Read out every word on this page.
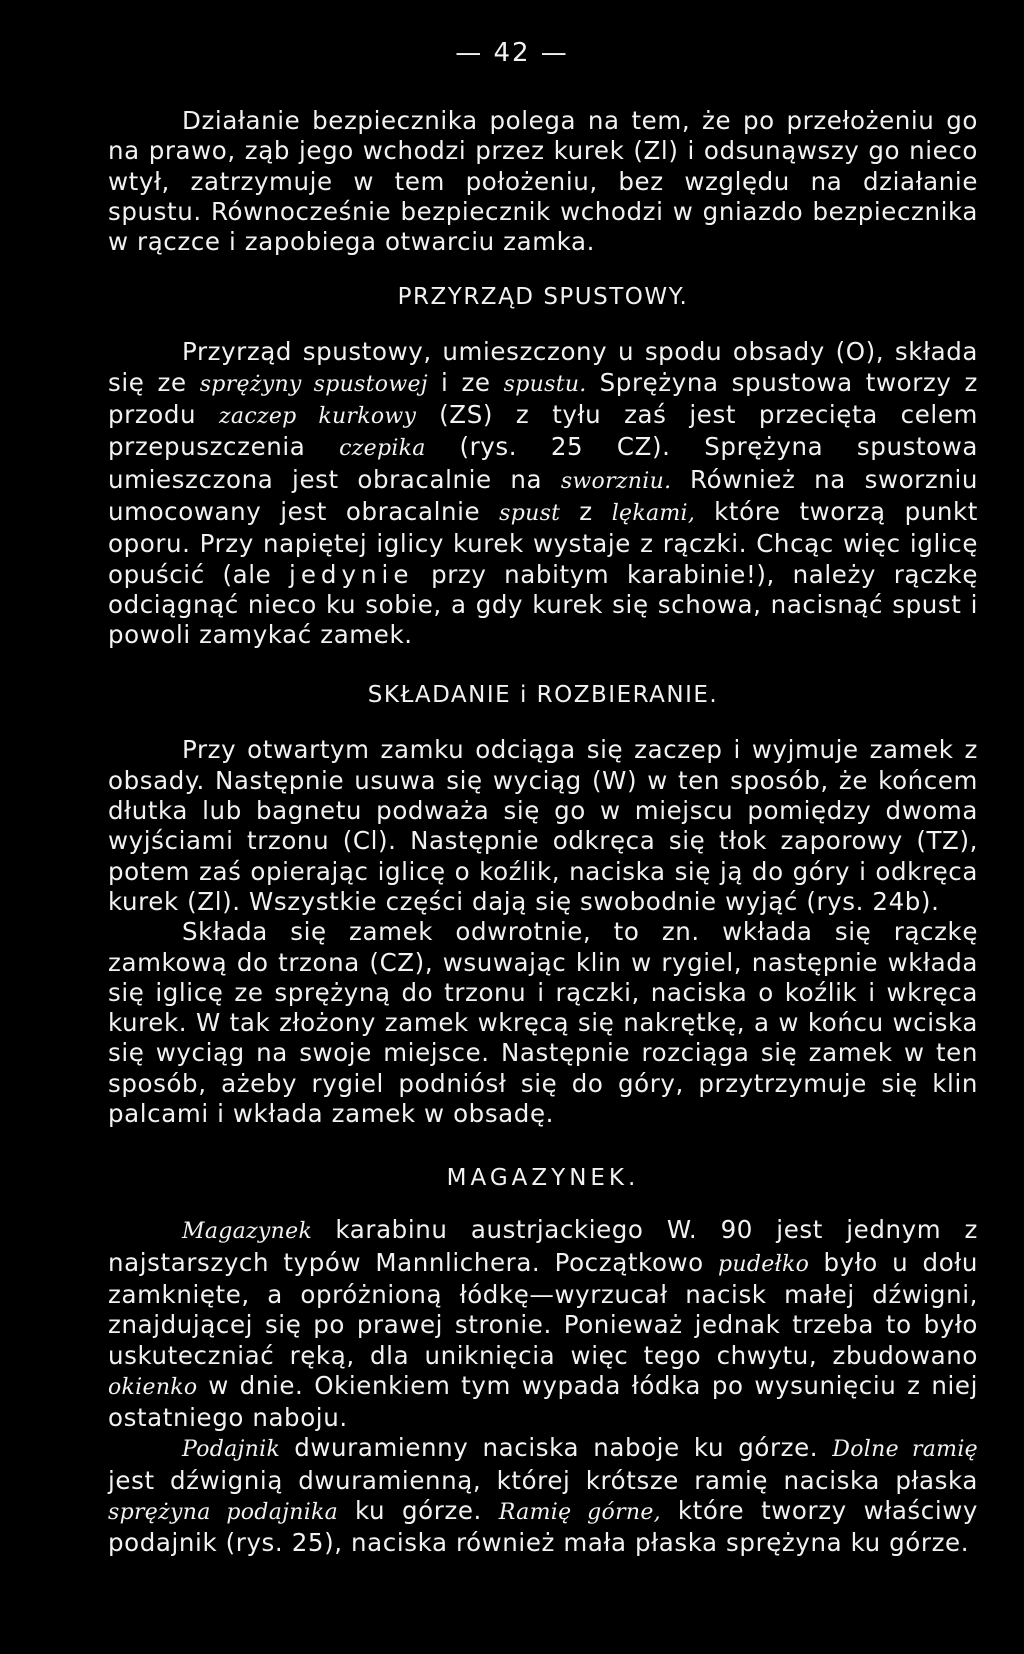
— 42 —

Działanie bezpiecznika polega na tem, że po przełożeniu go na prawo, ząb jego wchodzi przez kurek (Zl) i odsunąwszy go nieco wtył, zatrzymuje w tem położeniu, bez względu na działanie spustu. Równocześnie bezpiecznik wchodzi w gniazdo bezpiecznika w rączce i zapobiega otwarciu zamka.

PRZYRZĄD SPUSTOWY.

Przyrząd spustowy, umieszczony u spodu obsady (O), składa się ze sprężyny spustowej i ze spustu. Sprężyna spustowa tworzy z przodu zaczep kurkowy (ZS) z tyłu zaś jest przecięta celem przepuszczenia czepika (rys. 25 CZ). Sprężyna spustowa umieszczona jest obracalnie na sworzniu. Również na sworzniu umocowany jest obracalnie spust z lękami, które tworzą punkt oporu. Przy napiętej iglicy kurek wystaje z rączki. Chcąc więc iglicę opuścić (ale jedynie przy nabitym karabinie!), należy rączkę odciągnąć nieco ku sobie, a gdy kurek się schowa, nacisnąć spust i powoli zamykać zamek.

SKŁADANIE i ROZBIERANIE.

Przy otwartym zamku odciąga się zaczep i wyjmuje zamek z obsady. Następnie usuwa się wyciąg (W) w ten sposób, że końcem dłutka lub bagnetu podważa się go w miejscu pomiędzy dwoma wyjściami trzonu (Cl). Następnie odkręca się tłok zaporowy (TZ), potem zaś opierając iglicę o koźlik, naciska się ją do góry i odkręca kurek (Zl). Wszystkie części dają się swobodnie wyjąć (rys. 24b).

Składa się zamek odwrotnie, to zn. wkłada się rączkę zamkową do trzona (CZ), wsuwając klin w rygiel, następnie wkłada się iglicę ze sprężyną do trzonu i rączki, naciska o koźlik i wkręca kurek. W tak złożony zamek wkręcą się nakrętkę, a w końcu wciska się wyciąg na swoje miejsce. Następnie rozciąga się zamek w ten sposób, ażeby rygiel podniósł się do góry, przytrzymuje się klin palcami i wkłada zamek w obsadę.

MAGAZYNEK.

Magazynek karabinu austrjackiego W. 90 jest jednym z najstarszych typów Mannlichera. Początkowo pudełko było u dołu zamknięte, a opróżnioną łódkę—wyrzucał nacisk małej dźwigni, znajdującej się po prawej stronie. Ponieważ jednak trzeba to było uskuteczniać ręką, dla uniknięcia więc tego chwytu, zbudowano okienko w dnie. Okienkiem tym wypada łódka po wysunięciu z niej ostatniego naboju.

Podajnik dwuramienny naciska naboje ku górze. Dolne ramię jest dźwignią dwuramienną, której krótsze ramię naciska płaska sprężyna podajnika ku górze. Ramię górne, które tworzy właściwy podajnik (rys. 25), naciska również mała płaska sprężyna ku górze.
